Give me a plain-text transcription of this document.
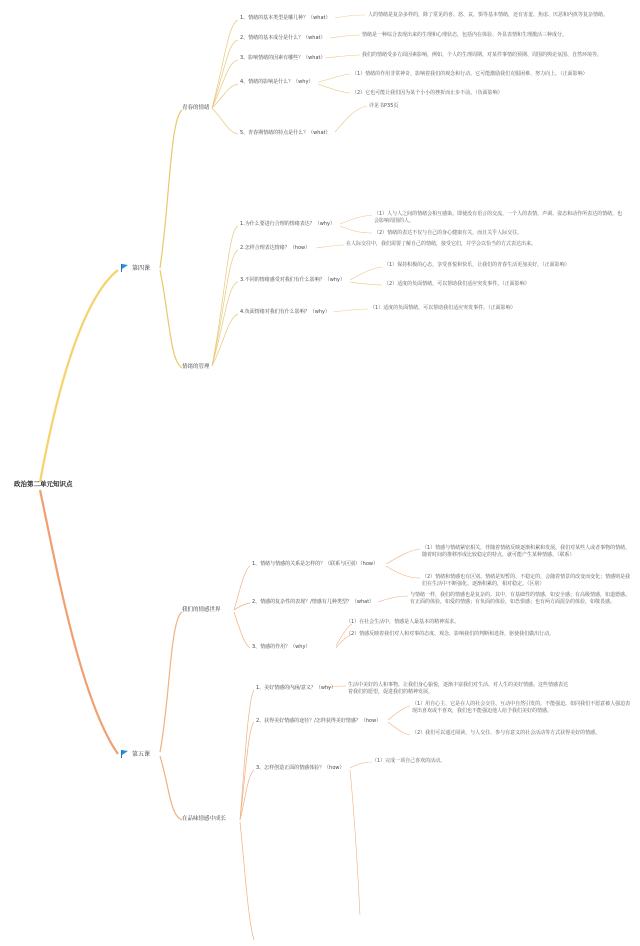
政治第二单元知识点
第四课
第五课
青春的情绪
情绪的管理
我们的情感世界
在品味情感中成长
1、情绪的基本类型是哪几种？（what）	人的情绪是复杂多样的，除了常见的喜、怒、哀、惧等基本情绪，还有害羞、焦虑、厌恶和内疚等复杂情绪。
2、情绪的基本成分是什么？（what）	情绪是一种综合表现出来的生理和心理状态，包括内在体验、外显表情和生理激活三种成分。
3、影响情绪的因素有哪些？（what）	我们的情绪受多方面因素影响，例如，个人的生理周期、对某件事情的预期、周围的舆论氛围、自然环境等。
4、情绪的影响是什么？（why）
（1）情绪的作用非常神奇，影响着我们的观念和行动。它可能激励我们克服困难、努力向上。（正面影响）
（2）它也可能让我们因为某个小小的挫折而止步不前。（负面影响）
5、青春期情绪的特点是什么？（what）
详见书P35页
1.为什么要进行合理的情绪表达？（why）
（1）人与人之间的情绪会相互感染。即使没有语言的交流，一个人的表情、声调、姿态和动作所表达的情绪，也会影响周围的人。
（2）情绪的表达不仅与自己的身心健康有关，而且关乎人际交往。
2.怎样合理表达情绪？（how）
在人际交往中，我们需要了解自己的情绪，接受它们，并学会以恰当的方式表达出来。
3.不同的情绪感受对我们有什么影响？（why）
（1）保持积极的心态，享受喜悦和快乐，让我们的青春生活更加美好。（正面影响）
（2）适度的负面情绪，可以帮助我们适应突发事件。（正面影响）
4.负面情绪对我们有什么影响？（why）
（1）适度的负面情绪，可以帮助我们适应突发事件。（正面影响）
1、情绪与情感的关系是怎样的？（联系与区别）（how）
（1）情感与情绪紧密相关，伴随着情绪反映逐渐积累和发展。我们对某些人或者事物的情绪，随着时间的推移形成比较稳定的特点，就可能产生某种情感。（联系）
（2）情绪和情感也有区别。情绪是短暂的、不稳定的，会随着情景的改变而变化；情感则是我们在生活中不断强化、逐渐积累的，相对稳定。（区别）
2、情感的复杂性的表现？/情感有几种类型？（what）
与情绪一样，我们的情感也是复杂的。其中，有基础性的情感，如安全感；有高级情感，如道德感。有正面的体验，如爱的情感；有负面的体验，如恐惧感；也有两方面混杂的体验，如敬畏感。
3、情感的作用？（why）
（1）在社会生活中，情感是人最基本的精神需求。
（2）情感反映着我们对人和对事的态度、观念，影响我们的判断和选择，驱使我们做出行动。
1、美好情感的内涵/意义？（why） 生活中美好的人和事物，让我们身心愉悦，逐渐丰富我们对生活、对人生的美好情感。这些情感表达着我们的愿望，促进我们的精神发展。
2、获得美好情感的途径？/怎样获得美好情感？（how）
（1）用自心主，它是在人的社会交往、互动中自然引发的，不能强迫。如同我们不愿意被人强迫表现出喜欢或不喜欢，我们也不能强迫他人给予我们美好的情感。
（2）我们可以通过阅读、与人交往、参与有意义的社会活动等方式获得美好的情感。
3、怎样创造正面的情感体验？（how）
（1）完成一项自己喜欢的活动。
